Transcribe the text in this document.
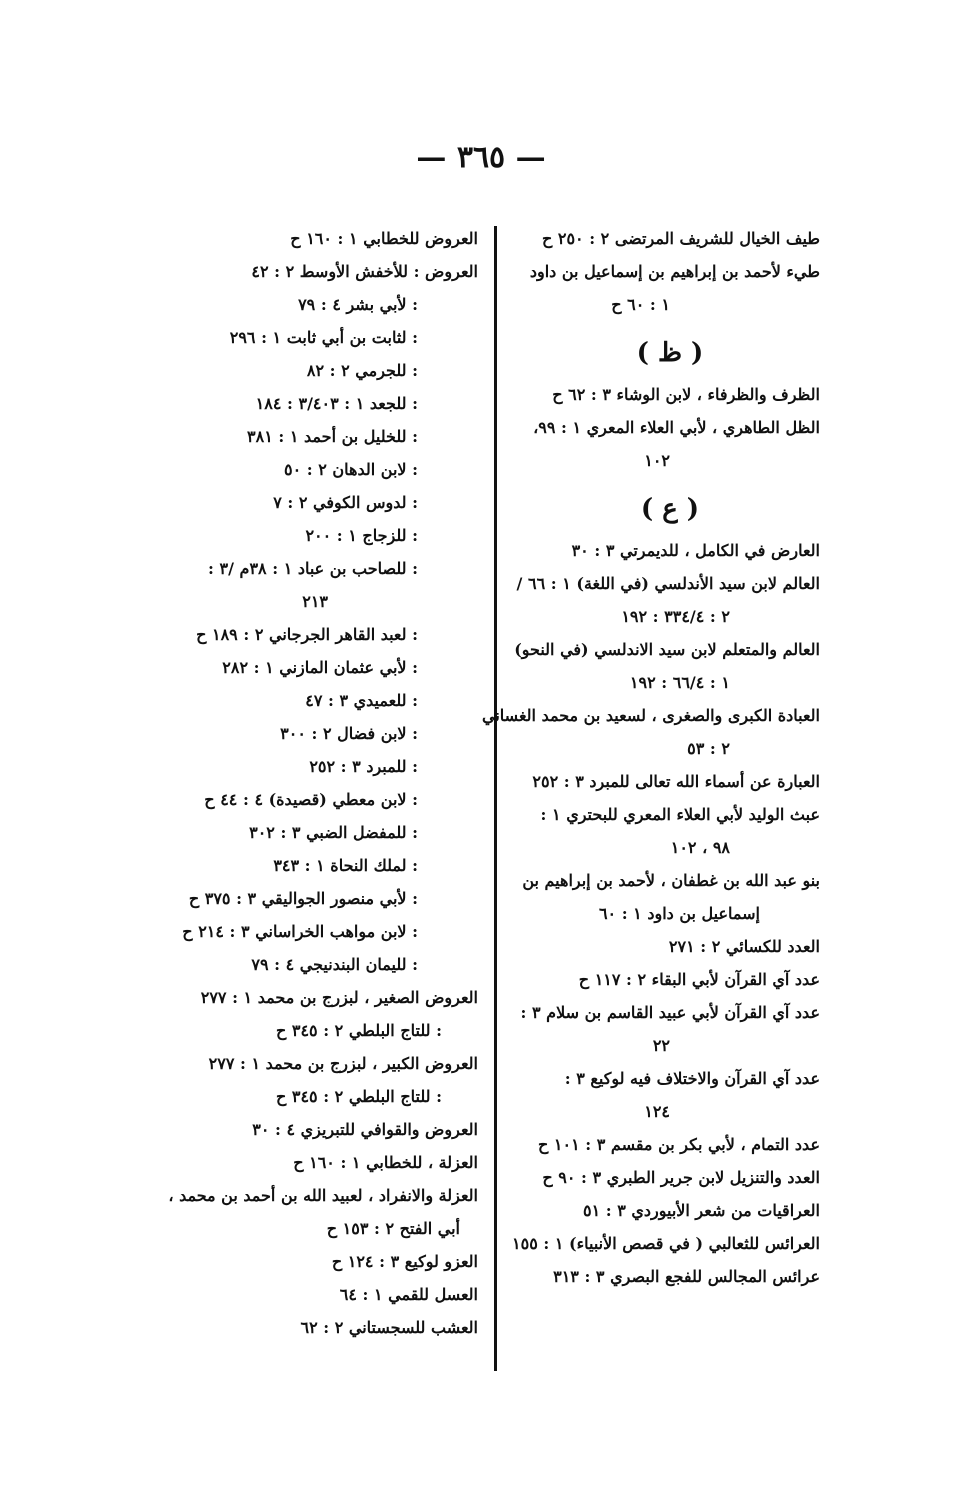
— ٣٦٥ —
طيف الخيال للشريف المرتضى ٢ : ٢٥٠ ح
طيء لأحمد بن إبراهيم بن إسماعيل بن داود
١ : ٦٠ ح
( ظ )
الظرف والظرفاء ، لابن الوشاء ٣ : ٦٢ ح
الظل الطاهري ، لأبي العلاء المعري ١ : ٩٩،
١٠٢
( ع )
العارض في الكامل ، للديمرتي ٣ : ٣٠
العالم لابن سيد الأندلسي (في اللغة) ١ : ٦٦ /
٢ : ٣٣٤/٤ : ١٩٢
العالم والمتعلم لابن سيد الاندلسي (في النحو)
١ : ٦٦/٤ : ١٩٢
العبادة الكبرى والصغرى ، لسعيد بن محمد الغساني
٢ : ٥٣
العبارة عن أسماء الله تعالى للمبرد ٣ : ٢٥٢
عبث الوليد لأبي العلاء المعري للبحتري ١ :
٩٨ ، ١٠٢
بنو عبد الله بن غطفان ، لأحمد بن إبراهيم بن
إسماعيل بن داود ١ : ٦٠
العدد للكسائي ٢ : ٢٧١
عدد آي القرآن لأبي البقاء ٢ : ١١٧ ح
عدد آي القرآن لأبي عبيد القاسم بن سلام ٣ :
٢٢
عدد آي القرآن والاختلاف فيه لوكيع ٣ :
١٢٤
عدد التمام ، لأبي بكر بن مقسم ٣ : ١٠١ ح
العدد والتنزيل لابن جرير الطبري ٣ : ٩٠ ح
العراقيات من شعر الأبيوردي ٣ : ٥١
العرائس للثعالبي ( في قصص الأنبياء) ١ : ١٥٥
عرائس المجالس للفجع البصري ٣ : ٣١٣
العروض للخطابي ١ : ١٦٠ ح
العروض : للأخفش الأوسط ٢ : ٤٢
: لأبي بشر ٤ : ٧٩
: لثابت بن أبي ثابت ١ : ٢٩٦
: للجرمي ٢ : ٨٢
: للجعد ١ : ٣/٤٠٣ : ١٨٤
: للخليل بن أحمد ١ : ٣٨١
: لابن الدهان ٢ : ٥٠
: لدوس الكوفي ٢ : ٧
: للزجاج ١ : ٢٠٠
: للصاحب بن عباد ١ : ٣٨م /٣ :
٢١٣
: لعبد القاهر الجرجاني ٢ : ١٨٩ ح
: لأبي عثمان المازني ١ : ٢٨٢
: للعميدي ٣ : ٤٧
: لابن فضال ٢ : ٣٠٠
: للمبرد ٣ : ٢٥٢
: لابن معطي (قصيدة) ٤ : ٤٤ ح
: للمفضل الضبي ٣ : ٣٠٢
: لملك النحاة ١ : ٣٤٣
: لأبي منصور الجواليقي ٣ : ٣٧٥ ح
: لابن مواهب الخراساني ٣ : ٢١٤ ح
: لليمان البندنيجي ٤ : ٧٩
العروض الصغير ، لبزرج بن محمد ١ : ٢٧٧
: للتاج البلطي ٢ : ٣٤٥ ح
العروض الكبير ، لبزرج بن محمد ١ : ٢٧٧
: للتاج البلطي ٢ : ٣٤٥ ح
العروض والقوافي للتبريزي ٤ : ٣٠
العزلة ، للخطابي ١ : ١٦٠ ح
العزلة والانفراد ، لعبيد الله بن أحمد بن محمد ،
أبي الفتح ٢ : ١٥٣ ح
العزو لوكيع ٣ : ١٢٤ ح
العسل للقمي ١ : ٦٤
العشب للسجستاني ٢ : ٦٢
